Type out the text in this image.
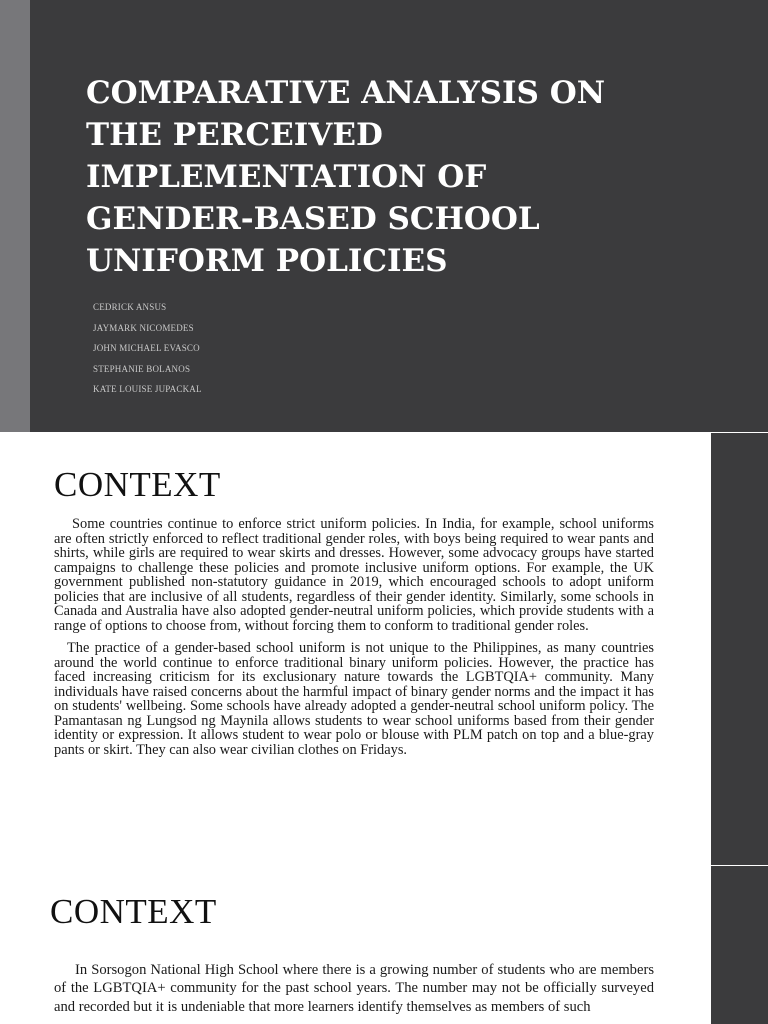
COMPARATIVE ANALYSIS ON
THE PERCEIVED
IMPLEMENTATION OF
GENDER-BASED SCHOOL
UNIFORM POLICIES
CEDRICK ANSUS
JAYMARK NICOMEDES
JOHN MICHAEL EVASCO
STEPHANIE BOLANOS
KATE LOUISE JUPACKAL
CONTEXT

Some countries continue to enforce strict uniform policies. In India, for example, school uniforms are often strictly enforced to reflect traditional gender roles, with boys being required to wear pants and shirts, while girls are required to wear skirts and dresses. However, some advocacy groups have started campaigns to challenge these policies and promote inclusive uniform options. For example, the UK government published non-statutory guidance in 2019, which encouraged schools to adopt uniform policies that are inclusive of all students, regardless of their gender identity. Similarly, some schools in Canada and Australia have also adopted gender-neutral uniform policies, which provide students with a range of options to choose from, without forcing them to conform to traditional gender roles.

The practice of a gender-based school uniform is not unique to the Philippines, as many countries around the world continue to enforce traditional binary uniform policies. However, the practice has faced increasing criticism for its exclusionary nature towards the LGBTQIA+ community. Many individuals have raised concerns about the harmful impact of binary gender norms and the impact it has on students' wellbeing. Some schools have already adopted a gender-neutral school uniform policy. The Pamantasan ng Lungsod ng Maynila allows students to wear school uniforms based from their gender identity or expression. It allows student to wear polo or blouse with PLM patch on top and a blue-gray pants or skirt. They can also wear civilian clothes on Fridays.

CONTEXT

In Sorsogon National High School where there is a growing number of students who are members of the LGBTQIA+ community for the past school years. The number may not be officially surveyed and recorded but it is undeniable that more learners identify themselves as members of such
